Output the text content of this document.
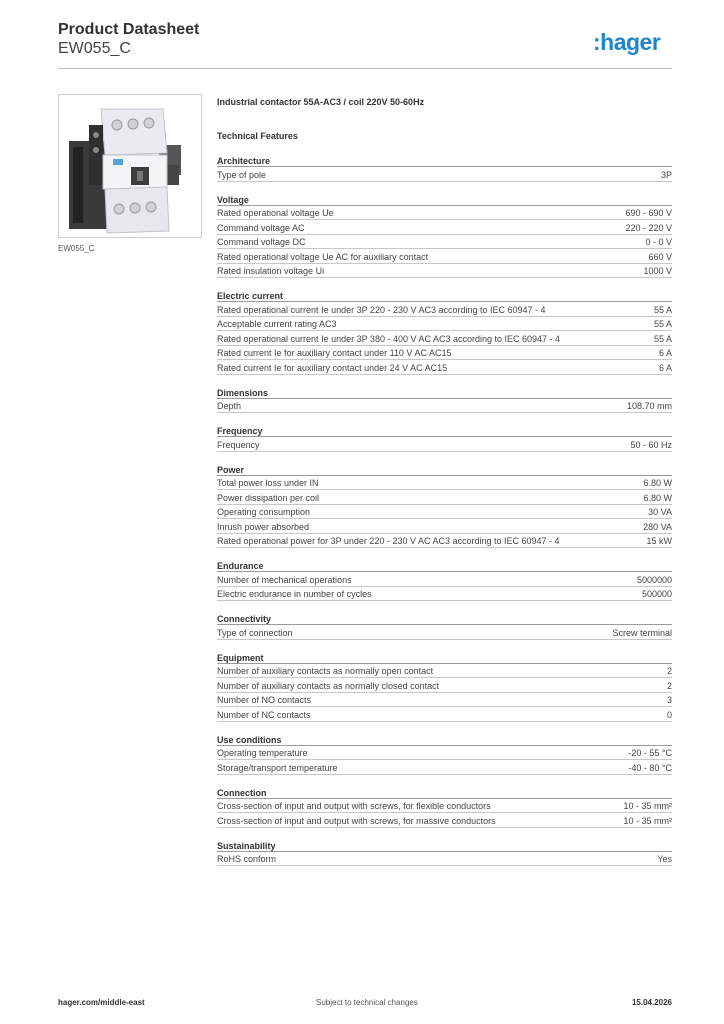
Product Datasheet
EW055_C	:hager
EW055_C
Industrial contactor 55A-AC3 / coil 220V 50-60Hz
Technical Features
Architecture
Type of pole	3P
Voltage
Rated operational voltage Ue	690 - 690 V
Command voltage AC	220 - 220 V
Command voltage DC	0 - 0 V
Rated operational voltage Ue AC for auxiliary contact	660 V
Rated insulation voltage Ui	1000 V
Electric current
Rated operational current Ie under 3P 220 - 230 V AC3 according to IEC 60947 - 4	55 A
Acceptable current rating AC3	55 A
Rated operational current Ie under 3P 380 - 400 V AC AC3 according to IEC 60947 - 4	55 A
Rated current Ie for auxiliary contact under 110 V AC AC15	6 A
Rated current Ie for auxiliary contact under 24 V AC AC15	6 A
Dimensions
Depth	108.70 mm
Frequency
Frequency	50 - 60 Hz
Power
Total power loss under IN	6.80 W
Power dissipation per coil	6.80 W
Operating consumption	30 VA
Inrush power absorbed	280 VA
Rated operational power for 3P under 220 - 230 V AC AC3 according to IEC 60947 - 4	15 kW
Endurance
Number of mechanical operations	5000000
Electric endurance in number of cycles	500000
Connectivity
Type of connection	Screw terminal
Equipment
Number of auxiliary contacts as normally open contact	2
Number of auxiliary contacts as normally closed contact	2
Number of NO contacts	3
Number of NC contacts	0
Use conditions
Operating temperature	-20 - 55 °C
Storage/transport temperature	-40 - 80 °C
Connection
Cross-section of input and output with screws, for flexible conductors	10 - 35 mm²
Cross-section of input and output with screws, for massive conductors	10 - 35 mm²
Sustainability
RoHS conform	Yes
hager.com/middle-east	Subject to technical changes	15.04.2026
